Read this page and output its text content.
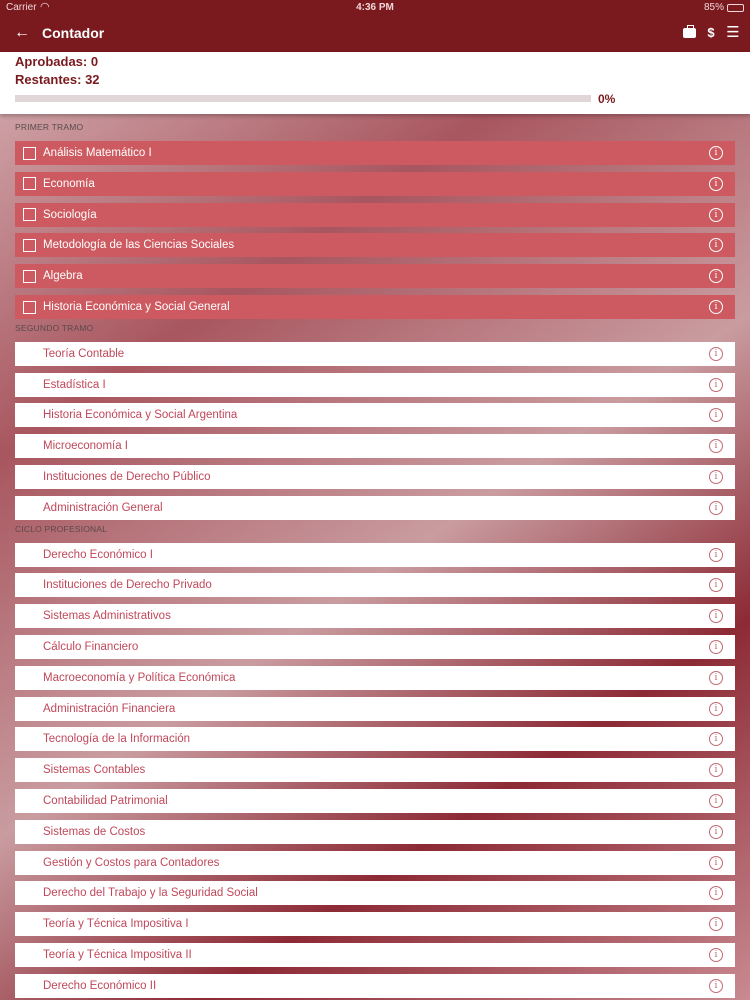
Carrier ◠	4:36 PM	85%
← Contador	$ ☰
Aprobadas: 0
Restantes: 32
0%
PRIMER TRAMO
Análisis Matemático I	i
Economía	i
Sociología	i
Metodología de las Ciencias Sociales	i
Álgebra	i
Historia Económica y Social General	i
SEGUNDO TRAMO
Teoría Contable	i
Estadística I	i
Historia Económica y Social Argentina	i
Microeconomía I	i
Instituciones de Derecho Público	i
Administración General	i
CICLO PROFESIONAL
Derecho Económico I	i
Instituciones de Derecho Privado	i
Sistemas Administrativos	i
Cálculo Financiero	i
Macroeconomía y Política Económica	i
Administración Financiera	i
Tecnología de la Información	i
Sistemas Contables	i
Contabilidad Patrimonial	i
Sistemas de Costos	i
Gestión y Costos para Contadores	i
Derecho del Trabajo y la Seguridad Social	i
Teoría y Técnica Impositiva I	i
Teoría y Técnica Impositiva II	i
Derecho Económico II	i
